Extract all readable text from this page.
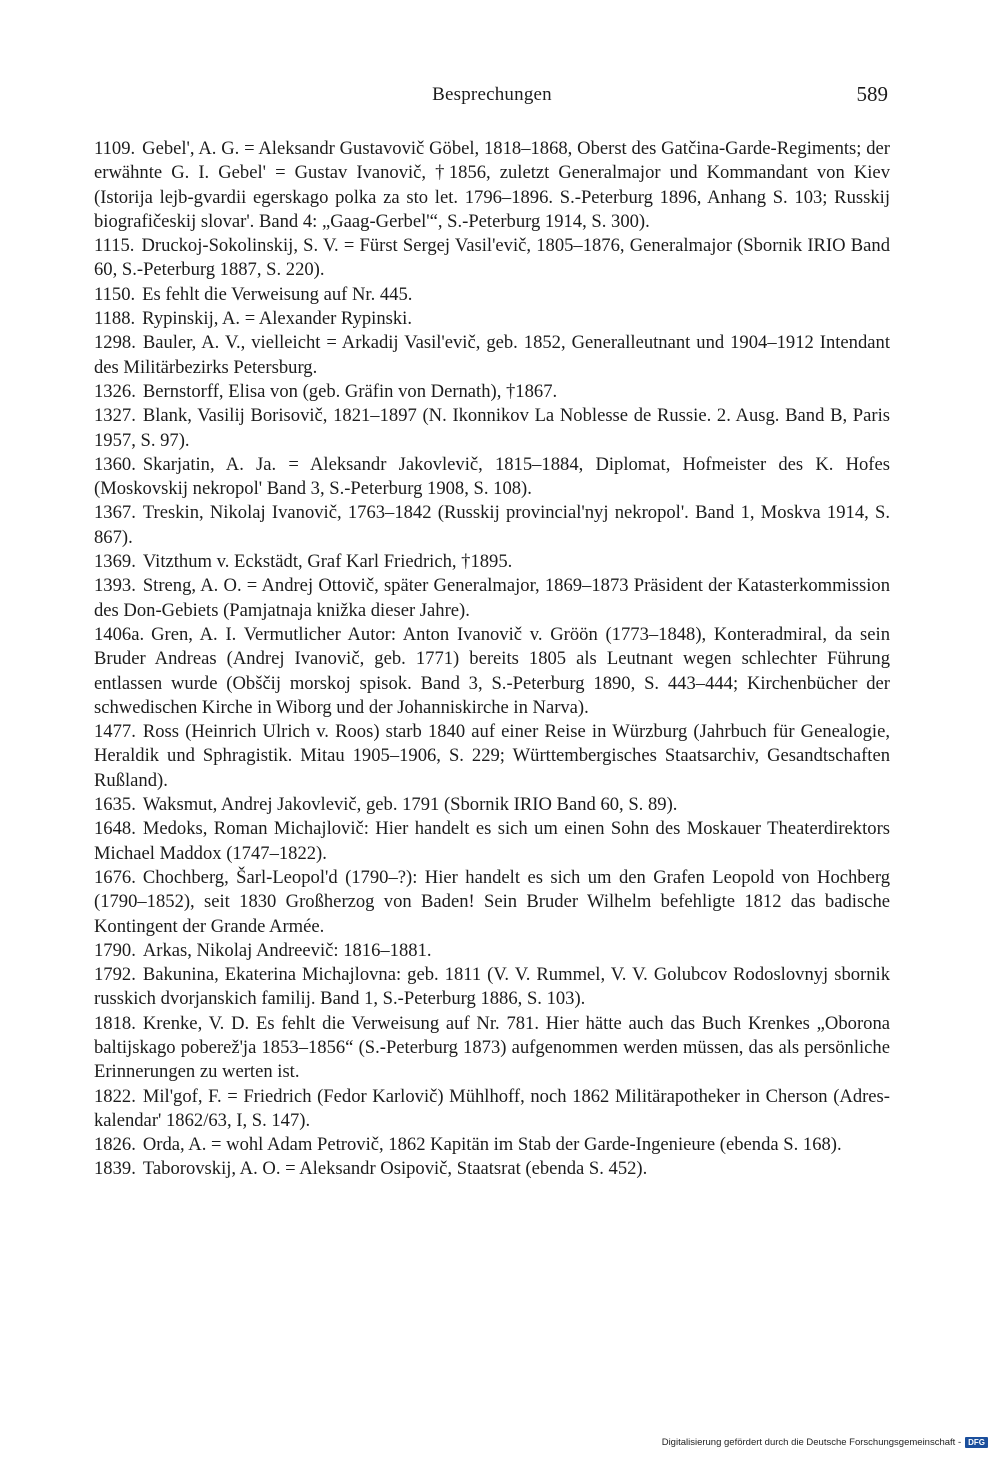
Besprechungen	589

1109. Gebel', A. G. = Aleksandr Gustavovič Göbel, 1818–1868, Oberst des Gatčina-Garde-Regiments; der erwähnte G. I. Gebel' = Gustav Ivanovič, †1856, zuletzt Generalmajor und Kommandant von Kiev (Istorija lejb-gvardii egerskago polka za sto let. 1796–1896. S.-Peterburg 1896, Anhang S. 103; Russkij biografičeskij slovar'. Band 4: „Gaag-Gerbel'“, S.-Peterburg 1914, S. 300).

1115. Druckoj-Sokolinskij, S. V. = Fürst Sergej Vasil'evič, 1805–1876, Generalmajor (Sbornik IRIO Band 60, S.-Peterburg 1887, S. 220).

1150. Es fehlt die Verweisung auf Nr. 445.

1188. Rypinskij, A. = Alexander Rypinski.

1298. Bauler, A. V., vielleicht = Arkadij Vasil'evič, geb. 1852, Generalleutnant und 1904–1912 Intendant des Militärbezirks Petersburg.

1326. Bernstorff, Elisa von (geb. Gräfin von Dernath), †1867.

1327. Blank, Vasilij Borisovič, 1821–1897 (N. Ikonnikov La Noblesse de Russie. 2. Ausg. Band B, Paris 1957, S. 97).

1360. Skarjatin, A. Ja. = Aleksandr Jakovlevič, 1815–1884, Diplomat, Hofmeister des K. Hofes (Moskovskij nekropol' Band 3, S.-Peterburg 1908, S. 108).

1367. Treskin, Nikolaj Ivanovič, 1763–1842 (Russkij provincial'nyj nekropol'. Band 1, Moskva 1914, S. 867).

1369. Vitzthum v. Eckstädt, Graf Karl Friedrich, †1895.

1393. Streng, A. O. = Andrej Ottovič, später Generalmajor, 1869–1873 Präsident der Katasterkommission des Don-Gebiets (Pamjatnaja knižka dieser Jahre).

1406a. Gren, A. I. Vermutlicher Autor: Anton Ivanovič v. Gröön (1773–1848), Konteradmiral, da sein Bruder Andreas (Andrej Ivanovič, geb. 1771) bereits 1805 als Leutnant wegen schlechter Führung entlassen wurde (Obščij morskoj spisok. Band 3, S.-Peterburg 1890, S. 443–444; Kirchenbücher der schwedischen Kirche in Wiborg und der Johanniskirche in Narva).

1477. Ross (Heinrich Ulrich v. Roos) starb 1840 auf einer Reise in Würzburg (Jahrbuch für Genealogie, Heraldik und Sphragistik. Mitau 1905–1906, S. 229; Württembergisches Staatsarchiv, Gesandtschaften Rußland).

1635. Waksmut, Andrej Jakovlevič, geb. 1791 (Sbornik IRIO Band 60, S. 89).

1648. Medoks, Roman Michajlovič: Hier handelt es sich um einen Sohn des Moskauer Theaterdirektors Michael Maddox (1747–1822).

1676. Chochberg, Šarl-Leopol'd (1790–?): Hier handelt es sich um den Grafen Leopold von Hochberg (1790–1852), seit 1830 Großherzog von Baden! Sein Bruder Wilhelm befehligte 1812 das badische Kontingent der Grande Armée.

1790. Arkas, Nikolaj Andreevič: 1816–1881.

1792. Bakunina, Ekaterina Michajlovna: geb. 1811 (V. V. Rummel, V. V. Golubcov Rodoslovnyj sbornik russkich dvorjanskich familij. Band 1, S.-Peterburg 1886, S. 103).

1818. Krenke, V. D. Es fehlt die Verweisung auf Nr. 781. Hier hätte auch das Buch Krenkes „Oborona baltijskago poberež'ja 1853–1856“ (S.-Peterburg 1873) aufgenommen werden müssen, das als persönliche Erinnerungen zu werten ist.

1822. Mil'gof, F. = Friedrich (Fedor Karlovič) Mühlhoff, noch 1862 Militärapotheker in Cherson (Adres-kalendar' 1862/63, I, S. 147).

1826. Orda, A. = wohl Adam Petrovič, 1862 Kapitän im Stab der Garde-Ingenieure (ebenda S. 168).

1839. Taborovskij, A. O. = Aleksandr Osipovič, Staatsrat (ebenda S. 452).

Digitalisierung gefördert durch die Deutsche Forschungsgemeinschaft - DFG
